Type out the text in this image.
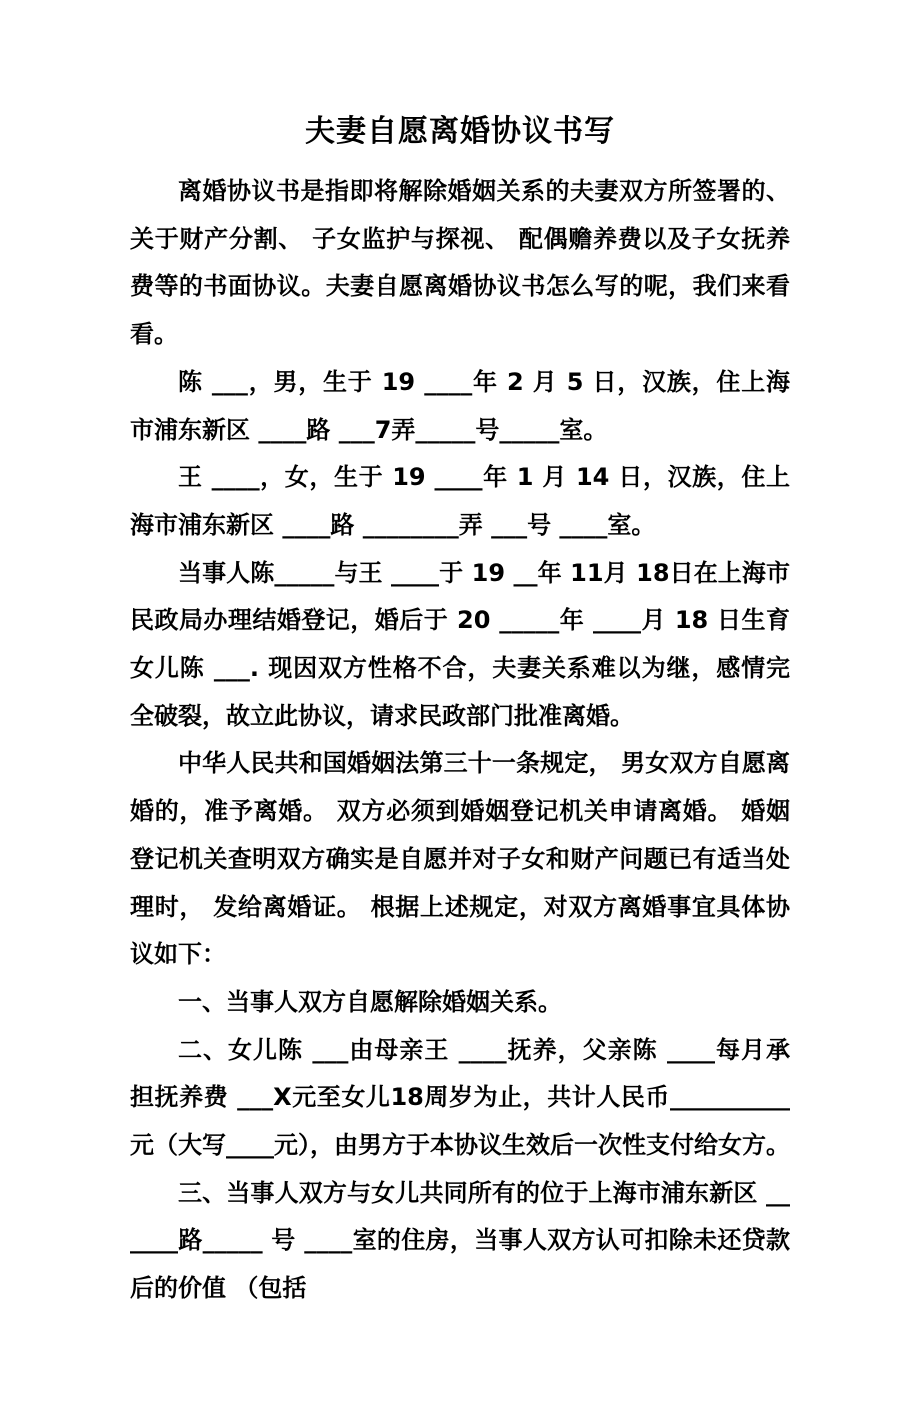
夫妻自愿离婚协议书写

离婚协议书是指即将解除婚姻关系的夫妻双方所签署的、 关于财产分割、 子女监护与探视、 配偶赡养费以及子女抚养费等的书面协议。夫妻自愿离婚协议书怎么写的呢，我们来看看。

陈 ___，男，生于 19 ____年 2 月 5 日，汉族，住上海市浦东新区 ____路 ___7弄_____号_____室。

王 ____，女，生于 19 ____年 1 月 14 日，汉族，住上海市浦东新区 ____路 ________弄 ___号 ____室。

当事人陈_____与王 ____于 19 __年 11月 18日在上海市民政局办理结婚登记，婚后于 20 _____年 ____月 18 日生育女儿陈 ___. 现因双方性格不合，夫妻关系难以为继，感情完全破裂，故立此协议，请求民政部门批准离婚。

中华人民共和国婚姻法第三十一条规定， 男女双方自愿离婚的，准予离婚。 双方必须到婚姻登记机关申请离婚。 婚姻登记机关查明双方确实是自愿并对子女和财产问题已有适当处理时， 发给离婚证。 根据上述规定，对双方离婚事宜具体协议如下：

一、当事人双方自愿解除婚姻关系。

二、女儿陈 ___由母亲王 ____抚养，父亲陈 ____每月承担抚养费 ___X元至女儿18周岁为止，共计人民币__________元（大写____元），由男方于本协议生效后一次性支付给女方。

三、当事人双方与女儿共同所有的位于上海市浦东新区 ______路_____ 号 ____室的住房，当事人双方认可扣除未还贷款后的价值 （包括
